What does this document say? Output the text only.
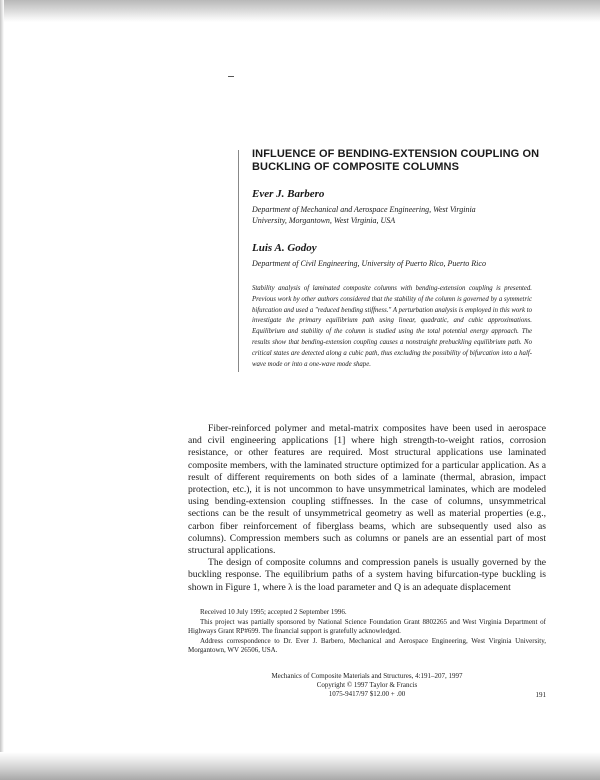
INFLUENCE OF BENDING-EXTENSION COUPLING ON
BUCKLING OF COMPOSITE COLUMNS
Ever J. Barbero
Department of Mechanical and Aerospace Engineering, West Virginia
University, Morgantown, West Virginia, USA
Luis A. Godoy
Department of Civil Engineering, University of Puerto Rico, Puerto Rico
Stability analysis of laminated composite columns with bending-extension coupling is presented. Previous work by other authors considered that the stability of the column is governed by a symmetric bifurcation and used a "reduced bending stiffness." A perturbation analysis is employed in this work to investigate the primary equilibrium path using linear, quadratic, and cubic approximations. Equilibrium and stability of the column is studied using the total potential energy approach. The results show that bending-extension coupling causes a nonstraight prebuckling equilibrium path. No critical states are detected along a cubic path, thus excluding the possibility of bifurcation into a half-wave mode or into a one-wave mode shape.

Fiber-reinforced polymer and metal-matrix composites have been used in aerospace and civil engineering applications [1] where high strength-to-weight ratios, corrosion resistance, or other features are required. Most structural applications use laminated composite members, with the laminated structure optimized for a particular application. As a result of different requirements on both sides of a laminate (thermal, abrasion, impact protection, etc.), it is not uncommon to have unsymmetrical laminates, which are modeled using bending-extension coupling stiffnesses. In the case of columns, unsymmetrical sections can be the result of unsymmetrical geometry as well as material properties (e.g., carbon fiber reinforcement of fiberglass beams, which are subsequently used also as columns). Compression members such as columns or panels are an essential part of most structural applications.

The design of composite columns and compression panels is usually governed by the buckling response. The equilibrium paths of a system having bifurcation-type buckling is shown in Figure 1, where λ is the load parameter and Q is an adequate displacement

Received 10 July 1995; accepted 2 September 1996.

This project was partially sponsored by National Science Foundation Grant 8802265 and West Virginia Department of Highways Grant RP#699. The financial support is gratefully acknowledged.

Address correspondence to Dr. Ever J. Barbero, Mechanical and Aerospace Engineering, West Virginia University, Morgantown, WV 26506, USA.

Mechanics of Composite Materials and Structures, 4:191–207, 1997
Copyright © 1997 Taylor & Francis
1075-9417/97 $12.00 + .00	191
